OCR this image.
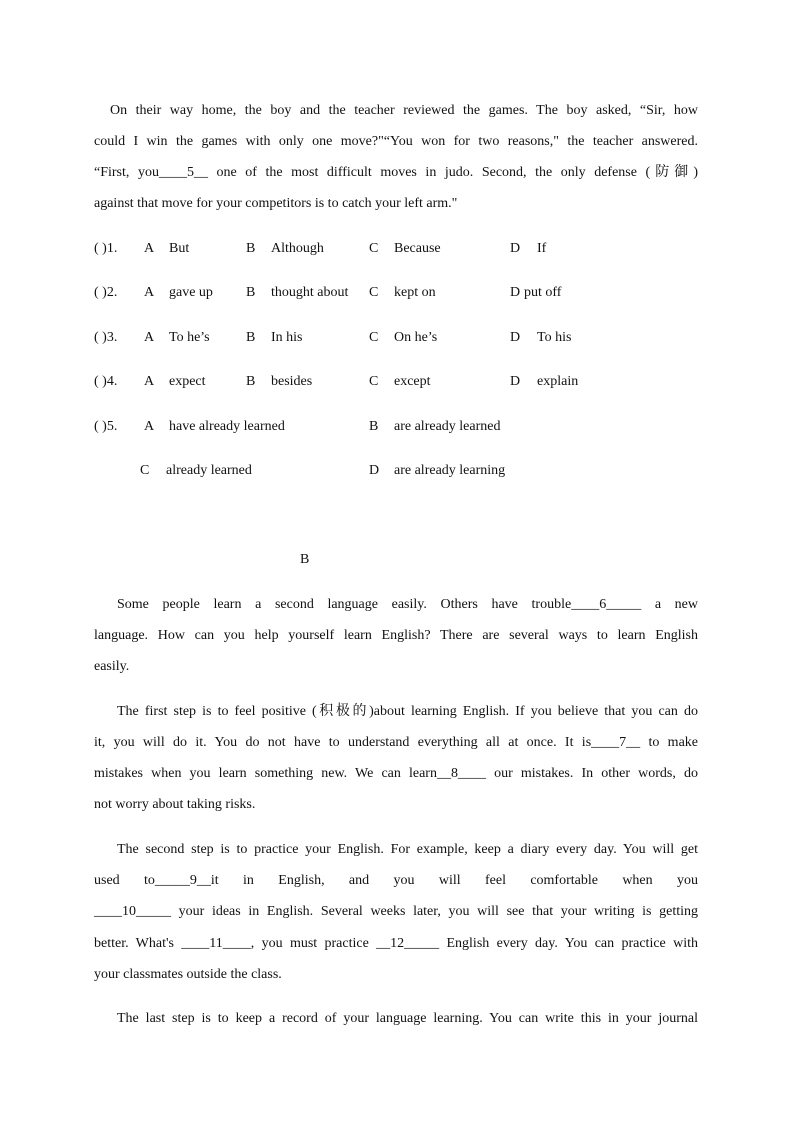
On their way home, the boy and the teacher reviewed the games. The boy asked, “Sir, how

could I win the games with only one move?"“You won for two reasons," the teacher answered.

“First, you____5__ one of the most difficult moves in judo. Second, the only defense (防御)

against that move for your competitors is to catch your left arm."

( )1. A But	B Although	C Because	D If
( )2. A gave up B thought about C kept on	D put off
( )3. A To he’s	B In his	C On he’s	D To his
( )4. A expect	B besides	C except	D explain
( )5. A have already learned	B are already learned
C already learned	D are already learning
B

Some people learn a second language easily. Others have trouble____6_____ a new

language. How can you help yourself learn English? There are several ways to learn English

easily.

The first step is to feel positive (积极的)about learning English. If you believe that you can do

it, you will do it. You do not have to understand everything all at once. It is____7__ to make

mistakes when you learn something new. We can learn__8____ our mistakes. In other words, do

not worry about taking risks.

The second step is to practice your English. For example, keep a diary every day. You will get

used to_____9__it in English, and you will feel comfortable when you

____10_____ your ideas in English. Several weeks later, you will see that your writing is getting

better. What's ____11____, you must practice __12_____ English every day. You can practice with

your classmates outside the class.

The last step is to keep a record of your language learning. You can write this in your journal
